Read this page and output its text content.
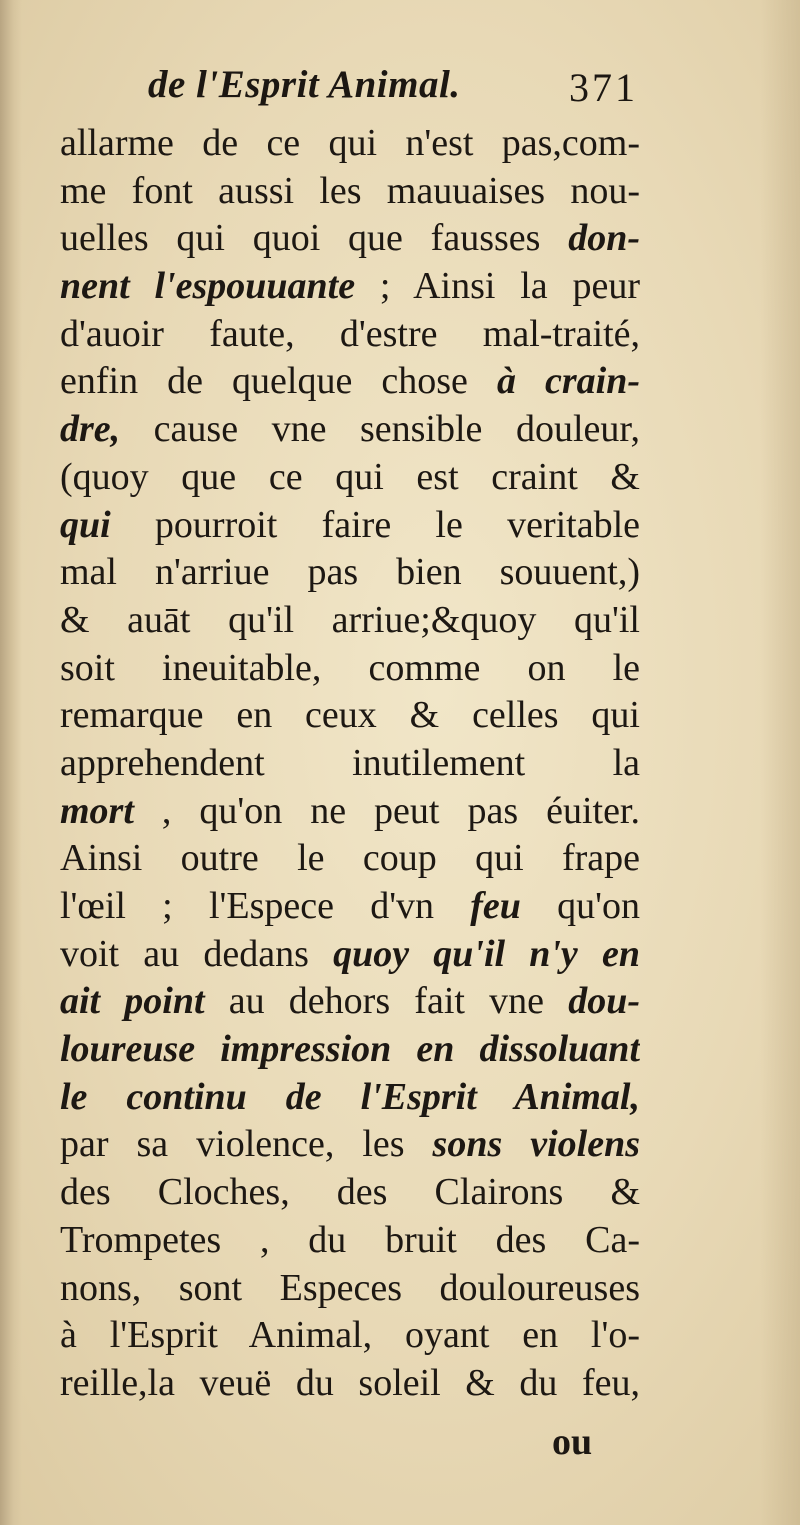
de l'Esprit Animal.	371
allarme de ce qui n'est pas,com-
me font aussi les mauuaises nou-
uelles qui quoi que fausses don-
nent l'espouuante ; Ainsi la peur
d'auoir faute, d'estre mal-traité,
enfin de quelque chose à crain-
dre, cause vne sensible douleur,
(quoy que ce qui est craint &
qui pourroit faire le veritable
mal n'arriue pas bien souuent,)
& auāt qu'il arriue;&quoy qu'il
soit ineuitable, comme on le
remarque en ceux & celles qui
apprehendent inutilement la
mort , qu'on ne peut pas éuiter.
Ainsi outre le coup qui frape
l'œil ; l'Espece d'vn feu qu'on
voit au dedans quoy qu'il n'y en
ait point au dehors fait vne dou-
loureuse impression en dissoluant
le continu de l'Esprit Animal,
par sa violence, les sons violens
des Cloches, des Clairons &
Trompetes , du bruit des Ca-
nons, sont Especes douloureuses
à l'Esprit Animal, oyant en l'o-
reille,la veuë du soleil & du feu,
ou
